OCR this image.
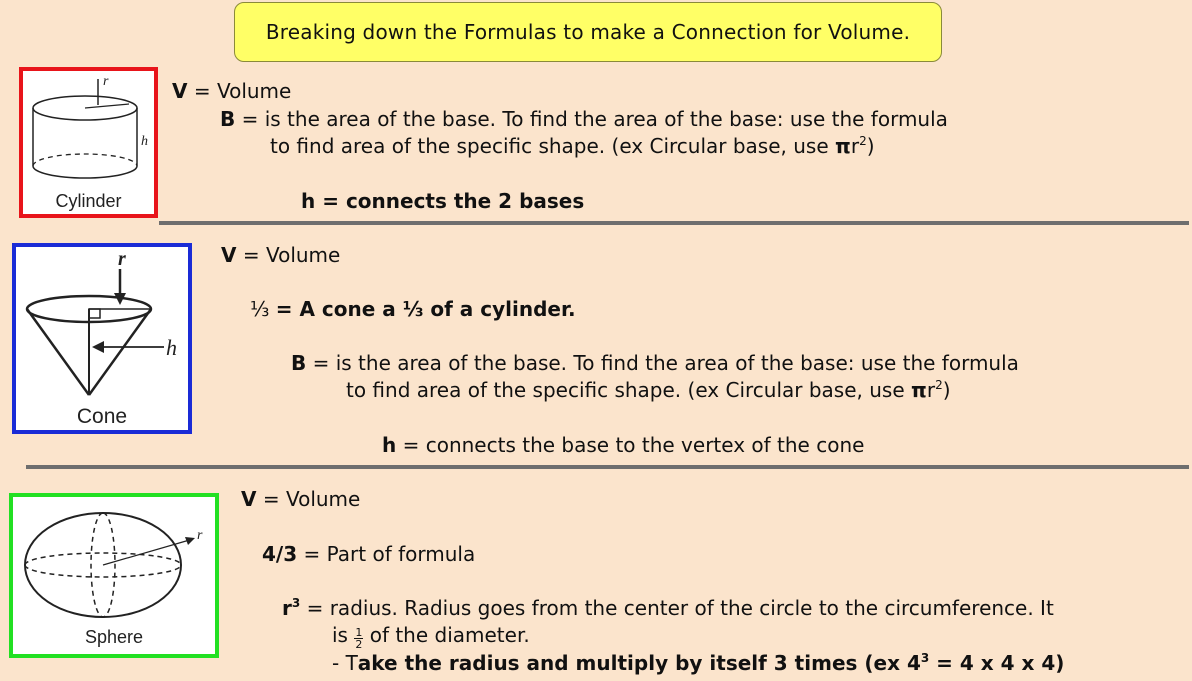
Breaking down the Formulas to make a Connection for Volume.
r
h
Cylinder
V = Volume
B = is the area of the base. To find the area of the base: use the formula
to find area of the specific shape. (ex Circular base, use $\pi r^2$)
h = connects the 2 bases
r
h
Cone
V = Volume
⅓ = A cone a ⅓ of a cylinder.
B = is the area of the base. To find the area of the base: use the formula
to find area of the specific shape. (ex Circular base, use $\pi r^2$)
h = connects the base to the vertex of the cone
r
Sphere
V = Volume
4/3 = Part of formula
$r^3$ = radius. Radius goes from the center of the circle to the circumference. It
is $\frac{1}{2}$ of the diameter.
- Take the radius and multiply by itself 3 times (ex $4^3 = 4$ x 4 x 4)
